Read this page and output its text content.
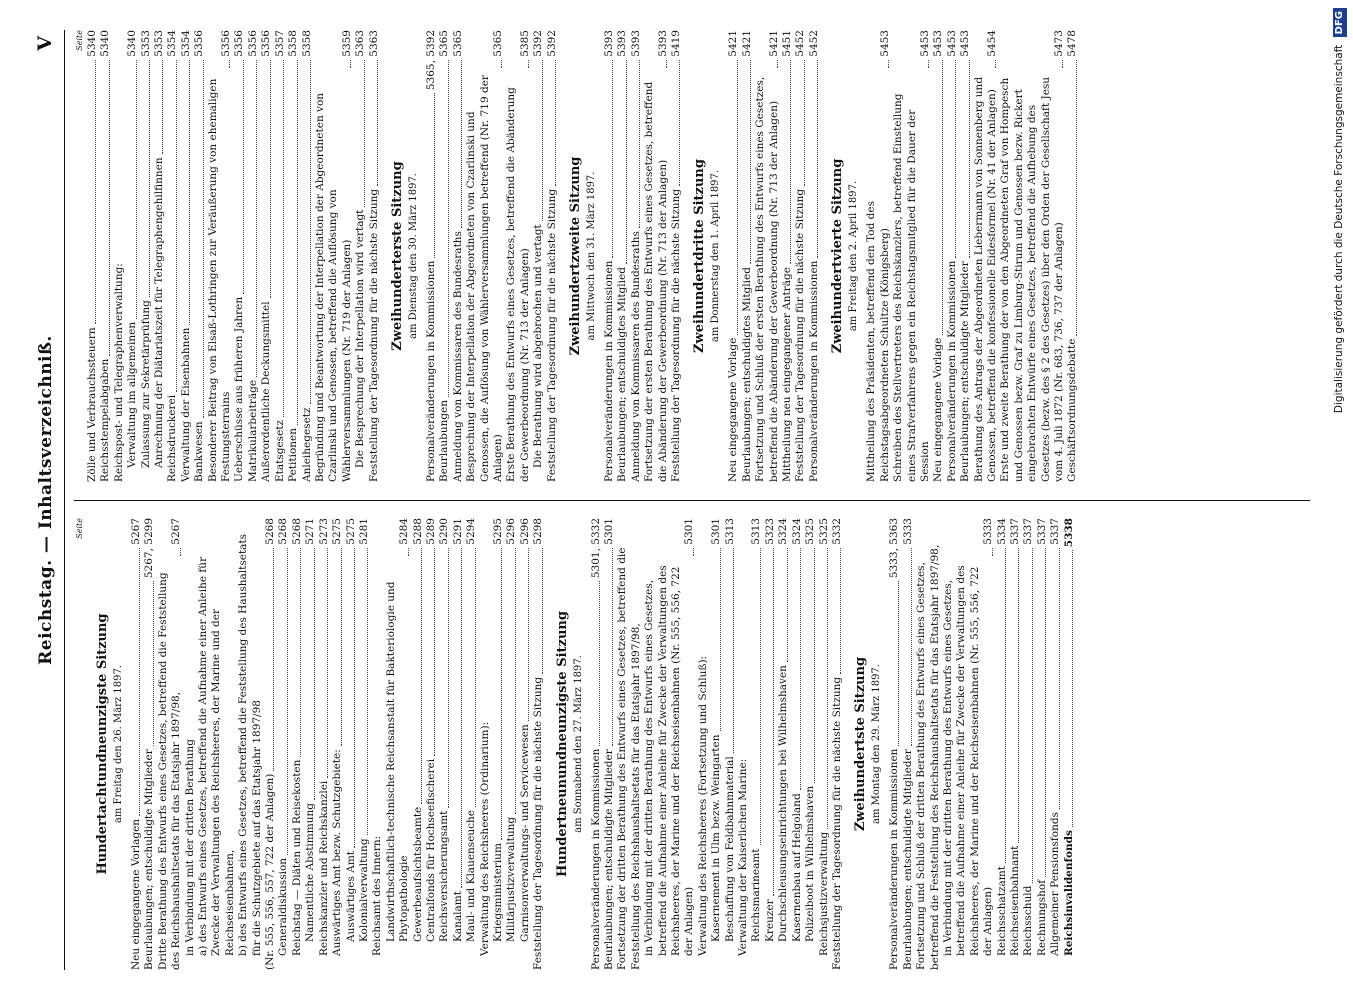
Reichstag. — Inhaltsverzeichniß.
V
Seite
Hundertachtundneunzigste Sitzung am Freitag den 26. März 1897.
Neu eingegangene Vorlagen
5267
Beurlaubungen; entschuldigte Mitglieder
5267, 5299
Dritte Berathung des Entwurfs eines Gesetzes, betreffend die Feststellung des Reichshaushaltsetats für das Etatsjahr 1897/98,
5267
in Verbindung mit der dritten Berathung a) des Entwurfs eines Gesetzes, betreffend die Aufnahme einer Anleihe für Zwecke der Verwaltungen des Reichsheeres, der Marine und der Reichseisenbahnen, b) des Entwurfs eines Gesetzes, betreffend die Feststellung des Haushaltsetats für die Schutzgebiete auf das Etatsjahr 1897/98 (Nr. 555, 556, 557, 722 der Anlagen)
5268
Generaldiskussion
5268
Reichstag — Diäten und Reisekosten
5268
Namentliche Abstimmung
5271
Reichskanzler und Reichskanzlei
5273
Auswärtiges Amt bezw. Schutzgebiete:
5275
Auswärtiges Amt
5275
Kolonialverwaltung
5281
Reichsamt des Innern: Landwirthschaftlich-technische Reichsanstalt für Bakteriologie und Phytopathologie
5284
Gewerbeaufsichtsbeamte
5288
Centralfonds für Hochseefischerei
5289
Reichsversicherungsamt
5290
Kanalamt
5291
Maul- und Klauenseuche
5294
Verwaltung des Reichsheeres (Ordinarium): Kriegsministerium
5295
Militärjustizverwaltung
5296
Garnisonverwaltungs- und Servicewesen
5296
Feststellung der Tagesordnung für die nächste Sitzung
5298
Hundertneunundneunzigste Sitzung am Sonnabend den 27. März 1897.
Personalveränderungen in Kommissionen
5301, 5332
Beurlaubungen; entschuldigte Mitglieder
5301
Fortsetzung der dritten Berathung des Entwurfs eines Gesetzes, betreffend die Feststellung des Reichshaushaltsetats für das Etatsjahr 1897/98, in Verbindung mit der dritten Berathung des Entwurfs eines Gesetzes, betreffend die Aufnahme einer Anleihe für Zwecke der Verwaltungen des Reichsheeres, der Marine und der Reichseisenbahnen (Nr. 555, 556, 722 der Anlagen)
5301
Verwaltung des Reichsheeres (Fortsetzung und Schluß): Kasernement in Ulm bezw. Weingarten
5301
Beschaffung von Feldbahnmaterial
5313
Verwaltung der Kaiserlichen Marine: Reichsmarineamt
5313
Kreuzer
5323
Durchschleusungseinrichtungen bei Wilhelmshaven
5324
Kasernenbau auf Helgoland
5324
Polizeiboot in Wilhelmshaven
5325
Reichsjustizverwaltung
5325
Feststellung der Tagesordnung für die nächste Sitzung
5332
Zweihundertste Sitzung am Montag den 29. März 1897.
Personalveränderungen in Kommissionen
5333, 5363
Beurlaubungen; entschuldigte Mitglieder
5333
Fortsetzung und Schluß der dritten Berathung des Entwurfs eines Gesetzes, betreffend die Feststellung des Reichshaushaltsetats für das Etatsjahr 1897/98, in Verbindung mit der dritten Berathung des Entwurfs eines Gesetzes, betreffend die Aufnahme einer Anleihe für Zwecke der Verwaltungen des Reichsheeres, der Marine und der Reichseisenbahnen (Nr. 555, 556, 722 der Anlagen)
5333
Reichsschatzamt
5334
Reichseisenbahnamt
5337
Reichsschuld
5337
Rechnungshof
5337
Allgemeiner Pensionsfonds
5337
Reichsinvalidenfonds
5338
Seite
Zölle und Verbrauchssteuern
5340
Reichsstempelabgaben
5340
Reichspost- und Telegraphenverwaltung: Verwaltung im allgemeinen
5340
Zulassung zur Sekretärprüfung
5353
Anrechnung der Diätariatszeit für Telegraphengehilfinnen
5353
Reichsdruckerei
5354
Verwaltung der Eisenbahnen
5354
Bankwesen
5356
Besonderer Beitrag von Elsaß-Lothringen zur Veräußerung von ehemaligen Festungsterrains
5356
Ueberschüsse aus früheren Jahren
5356
Matrikularbeiträge
5356
Außerordentliche Deckungsmittel
5356
Etatsgesetz
5357
Petitionen
5358
Anleihegesetz
5358
Begründung und Beantwortung der Interpellation der Abgeordneten von Czarlinski und Genossen, betreffend die Auflösung von Wählerversammlungen (Nr. 719 der Anlagen)
5359
Die Besprechung der Interpellation wird vertagt
5363
Feststellung der Tagesordnung für die nächste Sitzung
5363
Zweihunderterste Sitzung am Dienstag den 30. März 1897.
Personalveränderungen in Kommissionen
5365, 5392
Beurlaubungen
5365
Anmeldung von Kommissaren des Bundesraths
5365
Besprechung der Interpellation der Abgeordneten von Czarlinski und Genossen, die Auflösung von Wählerversammlungen betreffend (Nr. 719 der Anlagen)
5365
Erste Berathung des Entwurfs eines Gesetzes, betreffend die Abänderung der Gewerbeordnung (Nr. 713 der Anlagen)
5385
Die Berathung wird abgebrochen und vertagt
5392
Feststellung der Tagesordnung für die nächste Sitzung
5392
Zweihundertzweite Sitzung am Mittwoch den 31. März 1897.
Personalveränderungen in Kommissionen
5393
Beurlaubungen; entschuldigtes Mitglied
5393
Anmeldung von Kommissaren des Bundesraths
5393
Fortsetzung der ersten Berathung des Entwurfs eines Gesetzes, betreffend die Abänderung der Gewerbeordnung (Nr. 713 der Anlagen)
5393
Feststellung der Tagesordnung für die nächste Sitzung
5419
Zweihundertdritte Sitzung am Donnerstag den 1. April 1897.
Neu eingegangene Vorlage
5421
Beurlaubungen; entschuldigtes Mitglied
5421
Fortsetzung und Schluß der ersten Berathung des Entwurfs eines Gesetzes, betreffend die Abänderung der Gewerbeordnung (Nr. 713 der Anlagen)
5421
Mittheilung neu eingegangener Anträge
5451
Feststellung der Tagesordnung für die nächste Sitzung
5452
Personalveränderungen in Kommissionen
5452
Zweihundertvierte Sitzung am Freitag den 2. April 1897. Mittheilung des Präsidenten, betreffend den Tod des Reichstagsabgeordneten Schultze (Königsberg)
5453
Schreiben des Stellvertreters des Reichskanzlers, betreffend Einstellung eines Strafverfahrens gegen ein Reichstagsmitglied für die Dauer der Session
5453
Neu eingegangene Vorlage
5453
Personalveränderungen in Kommissionen
5453
Beurlaubungen; entschuldigte Mitglieder
5453
Berathung des Antrags der Abgeordneten Liebermann von Sonnenberg und Genossen, betreffend die konfessionelle Eidesformel (Nr. 41 der Anlagen)
5454
Erste und zweite Berathung der von den Abgeordneten Graf von Hompesch und Genossen bezw. Graf zu Limburg-Stirum und Genossen bezw. Rickert eingebrachten Entwürfe eines Gesetzes, betreffend die Aufhebung des Gesetzes (bezw. des § 2 des Gesetzes) über den Orden der Gesellschaft Jesu vom 4. Juli 1872 (Nr. 683, 736, 737 der Anlagen)
5473
Geschäftsordnungsdebatte
5478
Digitalisierung gefördert durch die Deutsche Forschungsgemeinschaft DFG
